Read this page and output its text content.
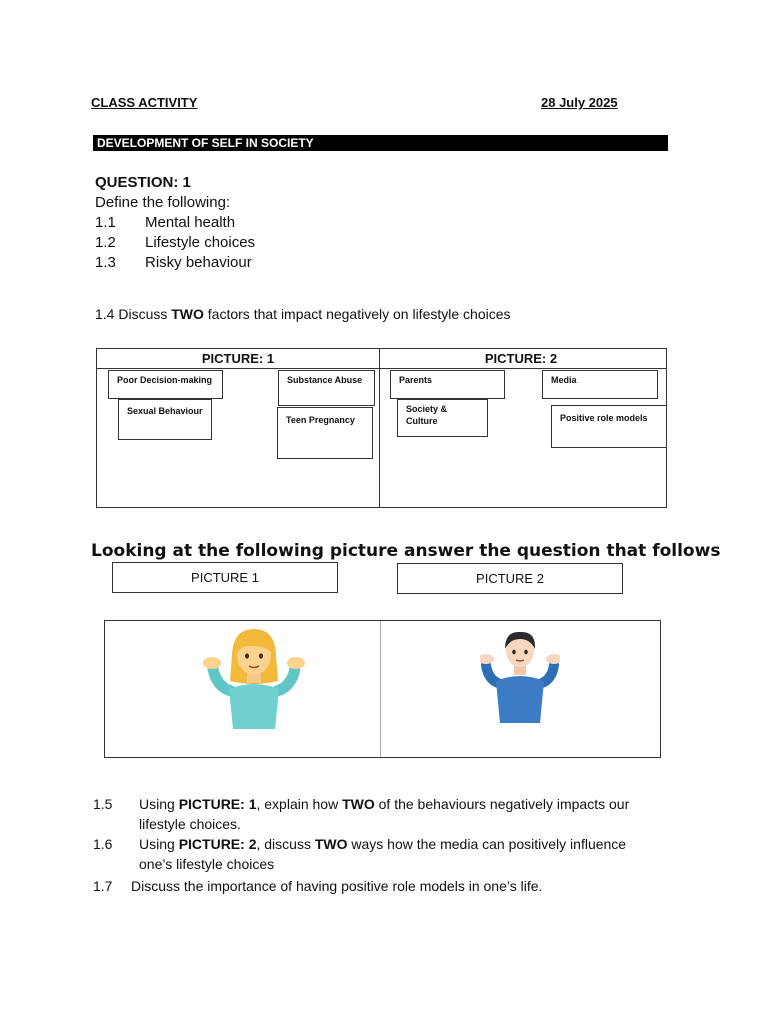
CLASS ACTIVITY	28 July 2025
DEVELOPMENT OF SELF IN SOCIETY
QUESTION: 1
Define the following:
1.1 Mental health
1.2 Lifestyle choices
1.3 Risky behaviour
1.4 Discuss TWO factors that impact negatively on lifestyle choices
PICTURE: 1	PICTURE: 2
Poor Decision-making	Substance Abuse
Sexual Behaviour
Teen Pregnancy
Parents	Media
Society & Culture	Positive role models
Looking at the following picture answer the question that follows
PICTURE 1	PICTURE 2
1.5 Using PICTURE: 1, explain how TWO of the behaviours negatively impacts our
lifestyle choices.
1.6 Using PICTURE: 2, discuss TWO ways how the media can positively influence
one’s lifestyle choices
1.7 Discuss the importance of having positive role models in one’s life.
